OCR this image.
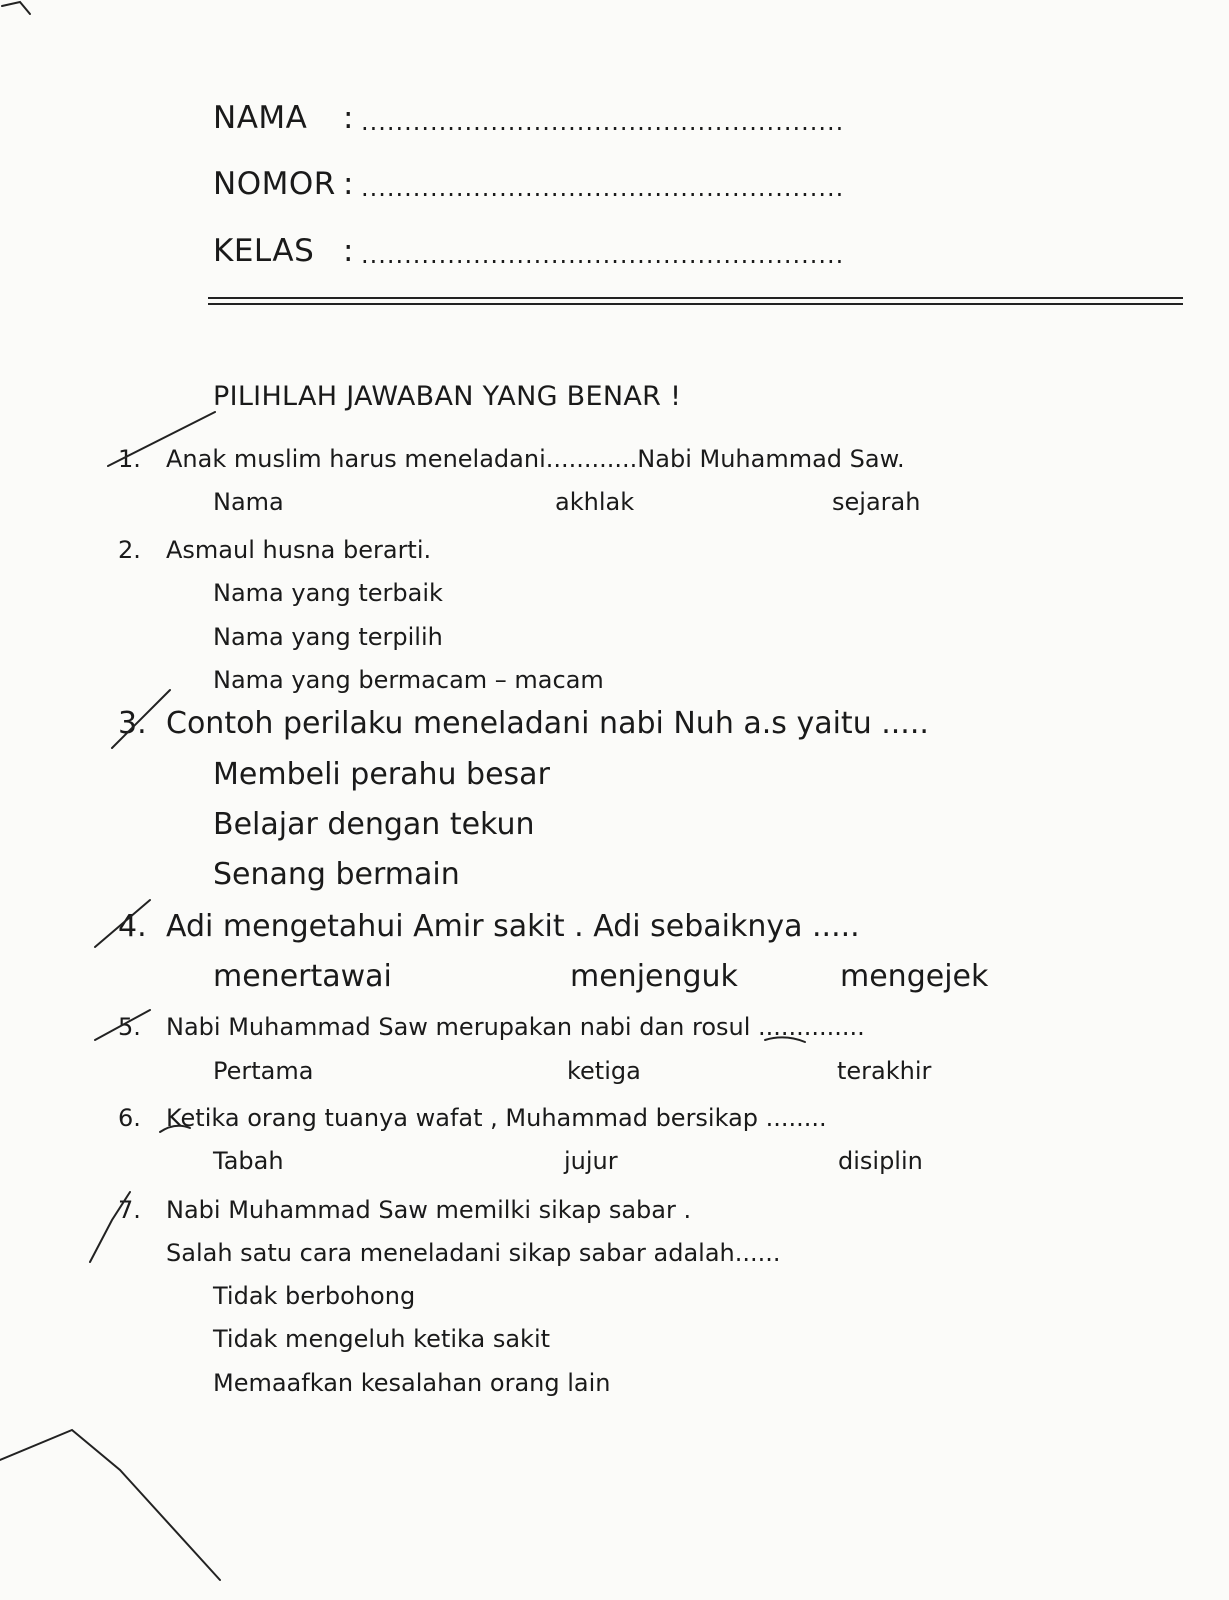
NAMA : ........................................................
NOMOR : ........................................................
KELAS : ........................................................
PILIHLAH JAWABAN YANG BENAR !
1. Anak muslim harus meneladani............Nabi Muhammad Saw.
Nama	akhlak	sejarah
2. Asmaul husna berarti.
Nama yang terbaik
Nama yang terpilih
Nama yang bermacam – macam
3. Contoh perilaku meneladani nabi Nuh a.s yaitu .....
Membeli perahu besar
Belajar dengan tekun
Senang bermain
4. Adi mengetahui Amir sakit . Adi sebaiknya .....
menertawai	menjenguk	mengejek
5. Nabi Muhammad Saw merupakan nabi dan rosul ..............
Pertama	ketiga	terakhir
6. Ketika orang tuanya wafat , Muhammad bersikap ........
Tabah	jujur	disiplin
7. Nabi Muhammad Saw memilki sikap sabar .
Salah satu cara meneladani sikap sabar adalah......
Tidak berbohong
Tidak mengeluh ketika sakit
Memaafkan kesalahan orang lain
